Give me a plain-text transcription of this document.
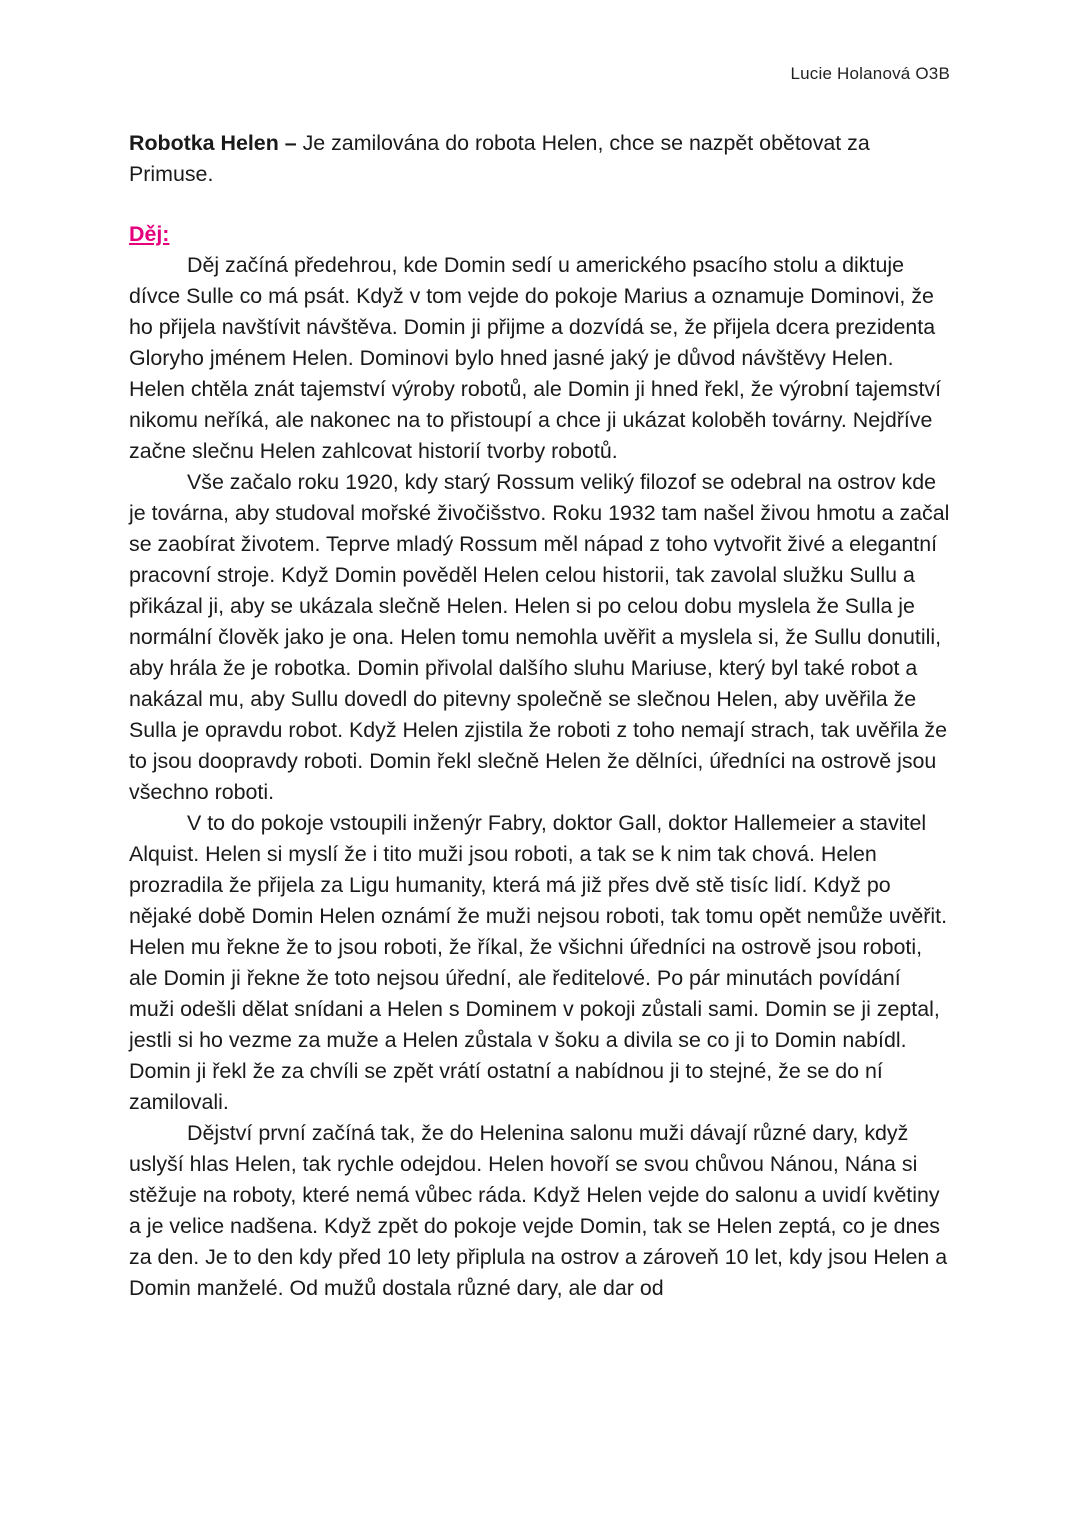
Lucie Holanová O3B

Robotka Helen – Je zamilována do robota Helen, chce se nazpět obětovat za Primuse.

Děj:

Děj začíná předehrou, kde Domin sedí u amerického psacího stolu a diktuje dívce Sulle co má psát. Když v tom vejde do pokoje Marius a oznamuje Dominovi, že ho přijela navštívit návštěva. Domin ji přijme a dozvídá se, že přijela dcera prezidenta Gloryho jménem Helen. Dominovi bylo hned jasné jaký je důvod návštěvy Helen. Helen chtěla znát tajemství výroby robotů, ale Domin ji hned řekl, že výrobní tajemství nikomu neříká, ale nakonec na to přistoupí a chce ji ukázat koloběh továrny. Nejdříve začne slečnu Helen zahlcovat historií tvorby robotů.

Vše začalo roku 1920, kdy starý Rossum veliký filozof se odebral na ostrov kde je továrna, aby studoval mořské živočišstvo. Roku 1932 tam našel živou hmotu a začal se zaobírat životem. Teprve mladý Rossum měl nápad z toho vytvořit živé a elegantní pracovní stroje. Když Domin pověděl Helen celou historii, tak zavolal služku Sullu a přikázal ji, aby se ukázala slečně Helen. Helen si po celou dobu myslela že Sulla je normální člověk jako je ona. Helen tomu nemohla uvěřit a myslela si, že Sullu donutili, aby hrála že je robotka. Domin přivolal dalšího sluhu Mariuse, který byl také robot a nakázal mu, aby Sullu dovedl do pitevny společně se slečnou Helen, aby uvěřila že Sulla je opravdu robot. Když Helen zjistila že roboti z toho nemají strach, tak uvěřila že to jsou doopravdy roboti. Domin řekl slečně Helen že dělníci, úředníci na ostrově jsou všechno roboti.

V to do pokoje vstoupili inženýr Fabry, doktor Gall, doktor Hallemeier a stavitel Alquist. Helen si myslí že i tito muži jsou roboti, a tak se k nim tak chová. Helen prozradila že přijela za Ligu humanity, která má již přes dvě stě tisíc lidí. Když po nějaké době Domin Helen oznámí že muži nejsou roboti, tak tomu opět nemůže uvěřit. Helen mu řekne že to jsou roboti, že říkal, že všichni úředníci na ostrově jsou roboti, ale Domin ji řekne že toto nejsou úřední, ale ředitelové. Po pár minutách povídání muži odešli dělat snídani a Helen s Dominem v pokoji zůstali sami. Domin se ji zeptal, jestli si ho vezme za muže a Helen zůstala v šoku a divila se co ji to Domin nabídl. Domin ji řekl že za chvíli se zpět vrátí ostatní a nabídnou ji to stejné, že se do ní zamilovali.

Dějství první začíná tak, že do Helenina salonu muži dávají různé dary, když uslyší hlas Helen, tak rychle odejdou. Helen hovoří se svou chůvou Nánou, Nána si stěžuje na roboty, které nemá vůbec ráda. Když Helen vejde do salonu a uvidí květiny a je velice nadšena. Když zpět do pokoje vejde Domin, tak se Helen zeptá, co je dnes za den. Je to den kdy před 10 lety připlula na ostrov a zároveň 10 let, kdy jsou Helen a Domin manželé. Od mužů dostala různé dary, ale dar od
